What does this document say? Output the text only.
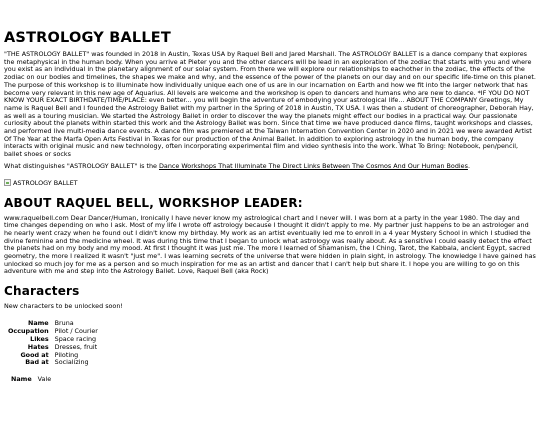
ASTROLOGY BALLET

"THE ASTROLOGY BALLET" was founded in 2018 in Austin, Texas USA by Raquel Bell and Jared Marshall. The ASTROLOGY BALLET is a dance company that explores the metaphysical in the human body. When you arrive at Pieter you and the other dancers will be lead in an exploration of the zodiac that starts with you and where you exist as an individual in the planetary alignment of our solar system. From there we will explore our relationships to eachother in the zodiac, the effects of the zodiac on our bodies and timelines, the shapes we make and why, and the essence of the power of the planets on our day and on our specific life-time on this planet. The purpose of this workshop is to illuminate how individually unique each one of us are in our incarnation on Earth and how we fit into the larger network that has become very relevant in this new age of Aquarius. All levels are welcome and the workshop is open to dancers and humans who are new to dance. *IF YOU DO NOT KNOW YOUR EXACT BIRTHDATE/TIME/PLACE: even better... you will begin the adventure of embodying your astrological life... ABOUT THE COMPANY Greetings, My name is Raquel Bell and I founded the Astrology Ballet with my partner in the Spring of 2018 in Austin, TX USA. I was then a student of choreographer, Deborah Hay, as well as a touring musician. We started the Astrology Ballet in order to discover the way the planets might effect our bodies in a practical way. Our passionate curiosity about the planets within started this work and the Astrology Ballet was born. Since that time we have produced dance films, taught workshops and classes, and performed live multi-media dance events. A dance film was premiered at the Taiwan Internation Convention Center in 2020 and in 2021 we were awarded Artist Of The Year at the Marfa Open Arts Festival in Texas for our production of the Animal Ballet. In addition to exploring astrology in the human body, the company interacts with original music and new technology, often incorporating experimental film and video synthesis into the work. What To Bring: Notebook, pen/pencil, ballet shoes or socks

What distinguishes "ASTROLOGY BALLET" is the Dance Workshops That Illuminate The Direct Links Between The Cosmos And Our Human Bodies.

ASTROLOGY BALLET
ABOUT RAQUEL BELL, WORKSHOP LEADER:

www.raquelbell.com Dear Dancer/Human, Ironically I have never know my astrological chart and I never will. I was born at a party in the year 1980. The day and time changes depending on who I ask. Most of my life I wrote off astrology because I thought it didn't apply to me. My partner just happens to be an astrologer and he nearly went crazy when he found out I didn't know my birthday. My work as an artist eventually led me to enroll in a 4 year Mystery School in which I studied the divine feminine and the medicine wheel. It was during this time that I began to unlock what astrology was really about. As a sensitive I could easily detect the effect the planets had on my body and my mood. At first I thought it was just me. The more I learned of Shamanism, the I Ching, Tarot, the Kabbala, ancient Egypt, sacred geometry, the more I realized it wasn't "just me". I was learning secrets of the universe that were hidden in plain sight, in astrology. The knowledge I have gained has unlocked so much joy for me as a person and so much inspiration for me as an artist and dancer that I can't help but share it. I hope you are willing to go on this adventure with me and step into the Astrology Ballet. Love, Raquel Bell (aka Rock)

Characters

New characters to be unlocked soon!

Name	Bruna
Occupation	Pilot / Courier
Likes	Space racing
Hates	Dresses, fruit
Good at	Piloting
Bad at	Socializing
Name Vale
